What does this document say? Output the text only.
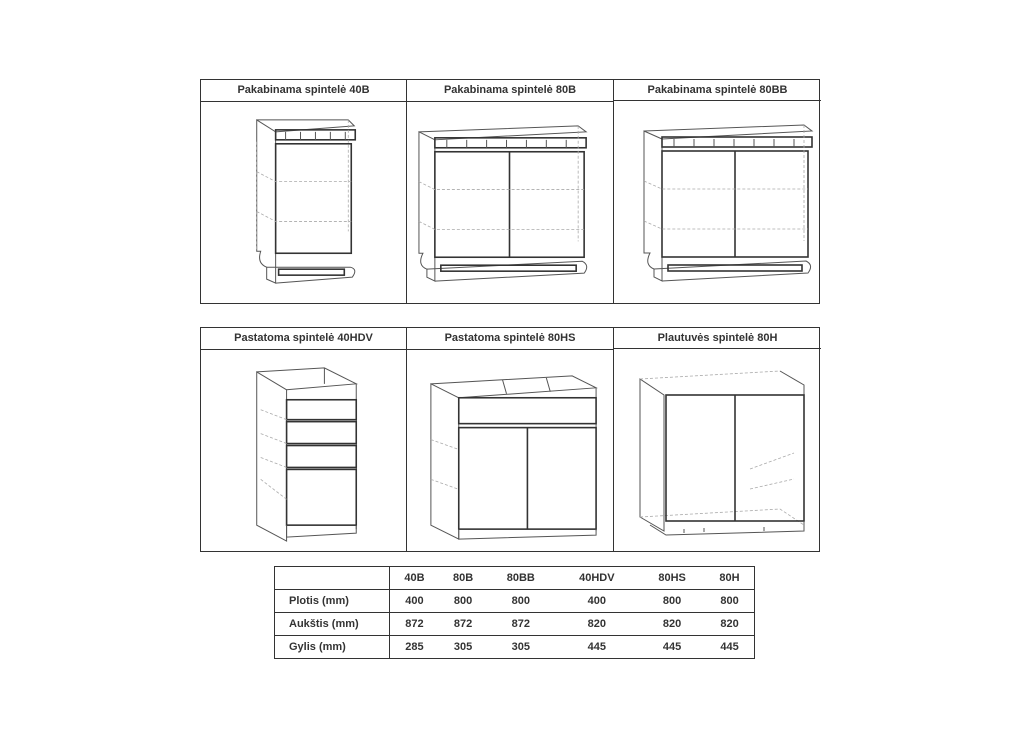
Pakabinama spintelė 40B	Pakabinama spintelė 80B	Pakabinama spintelė 80BB
Pastatoma spintelė 40HDV	Pastatoma spintelė 80HS	Plautuvės spintelė 80H
	40B	80B	80BB	40HDV	80HS	80H
Plotis (mm)	400	800	800	400	800	800
Aukštis (mm)	872	872	872	820	820	820
Gylis (mm)	285	305	305	445	445	445
